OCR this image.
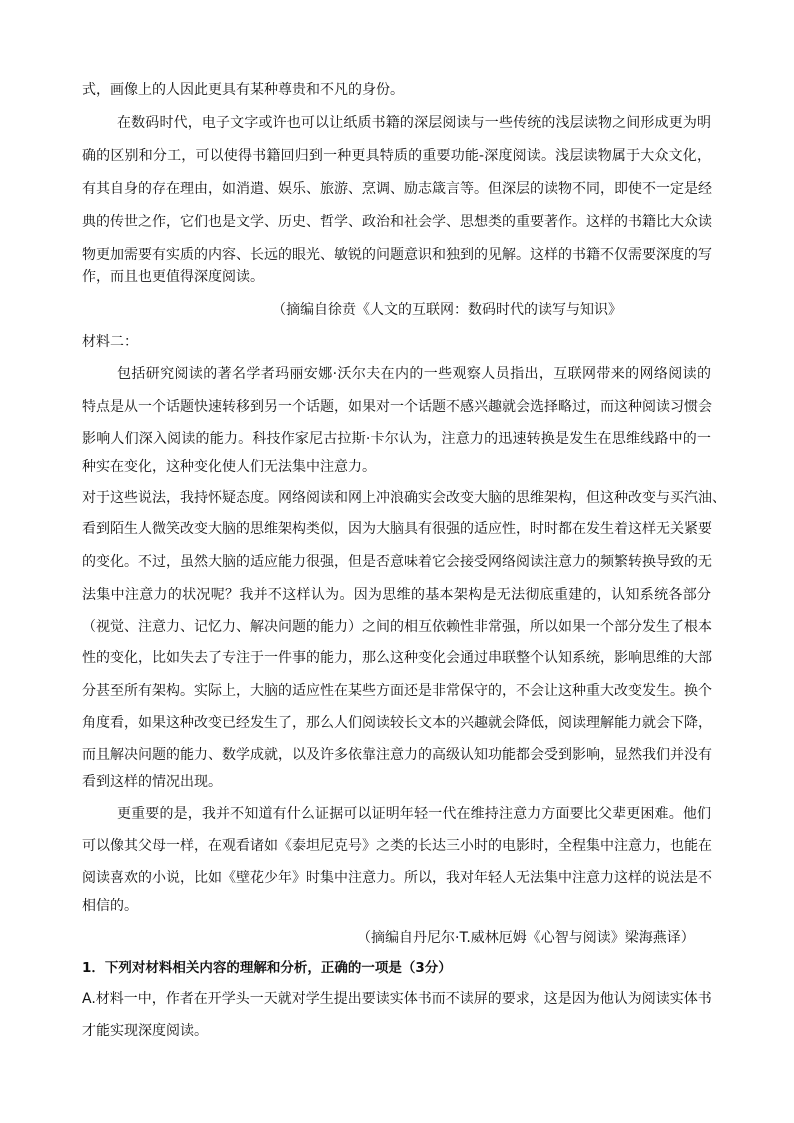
式，画像上的人因此更具有某种尊贵和不凡的身份。
在数码时代，电子文字或许也可以让纸质书籍的深层阅读与一些传统的浅层读物之间形成更为明
确的区别和分工，可以使得书籍回归到一种更具特质的重要功能-深度阅读。浅层读物属于大众文化，
有其自身的存在理由，如消遣、娱乐、旅游、烹调、励志箴言等。但深层的读物不同，即使不一定是经
典的传世之作，它们也是文学、历史、哲学、政治和社会学、思想类的重要著作。这样的书籍比大众读
物更加需要有实质的内容、长远的眼光、敏锐的问题意识和独到的见解。这样的书籍不仅需要深度的写
作，而且也更值得深度阅读。
（摘编自徐贲《人文的互联网：数码时代的读写与知识》
材料二：
包括研究阅读的著名学者玛丽安娜·沃尔夫在内的一些观察人员指出，互联网带来的网络阅读的
特点是从一个话题快速转移到另一个话题，如果对一个话题不感兴趣就会选择略过，而这种阅读习惯会
影响人们深入阅读的能力。科技作家尼古拉斯·卡尔认为，注意力的迅速转换是发生在思维线路中的一
种实在变化，这种变化使人们无法集中注意力。
对于这些说法，我持怀疑态度。网络阅读和网上冲浪确实会改变大脑的思维架构，但这种改变与买汽油、
看到陌生人微笑改变大脑的思维架构类似，因为大脑具有很强的适应性，时时都在发生着这样无关紧要
的变化。不过，虽然大脑的适应能力很强，但是否意味着它会接受网络阅读注意力的频繁转换导致的无
法集中注意力的状况呢？我并不这样认为。因为思维的基本架构是无法彻底重建的，认知系统各部分
（视觉、注意力、记忆力、解决问题的能力）之间的相互依赖性非常强，所以如果一个部分发生了根本
性的变化，比如失去了专注于一件事的能力，那么这种变化会通过串联整个认知系统，影响思维的大部
分甚至所有架构。实际上，大脑的适应性在某些方面还是非常保守的，不会让这种重大改变发生。换个
角度看，如果这种改变已经发生了，那么人们阅读较长文本的兴趣就会降低，阅读理解能力就会下降，
而且解决问题的能力、数学成就，以及许多依靠注意力的高级认知功能都会受到影响，显然我们并没有
看到这样的情况出现。
更重要的是，我并不知道有什么证据可以证明年轻一代在维持注意力方面要比父辈更困难。他们
可以像其父母一样，在观看诸如《泰坦尼克号》之类的长达三小时的电影时，全程集中注意力，也能在
阅读喜欢的小说，比如《壁花少年》时集中注意力。所以，我对年轻人无法集中注意力这样的说法是不
相信的。
（摘编自丹尼尔·T.威林厄姆《心智与阅读》梁海燕译）
1．下列对材料相关内容的理解和分析，正确的一项是（3分）
A.材料一中，作者在开学头一天就对学生提出要读实体书而不读屏的要求，这是因为他认为阅读实体书
才能实现深度阅读。
